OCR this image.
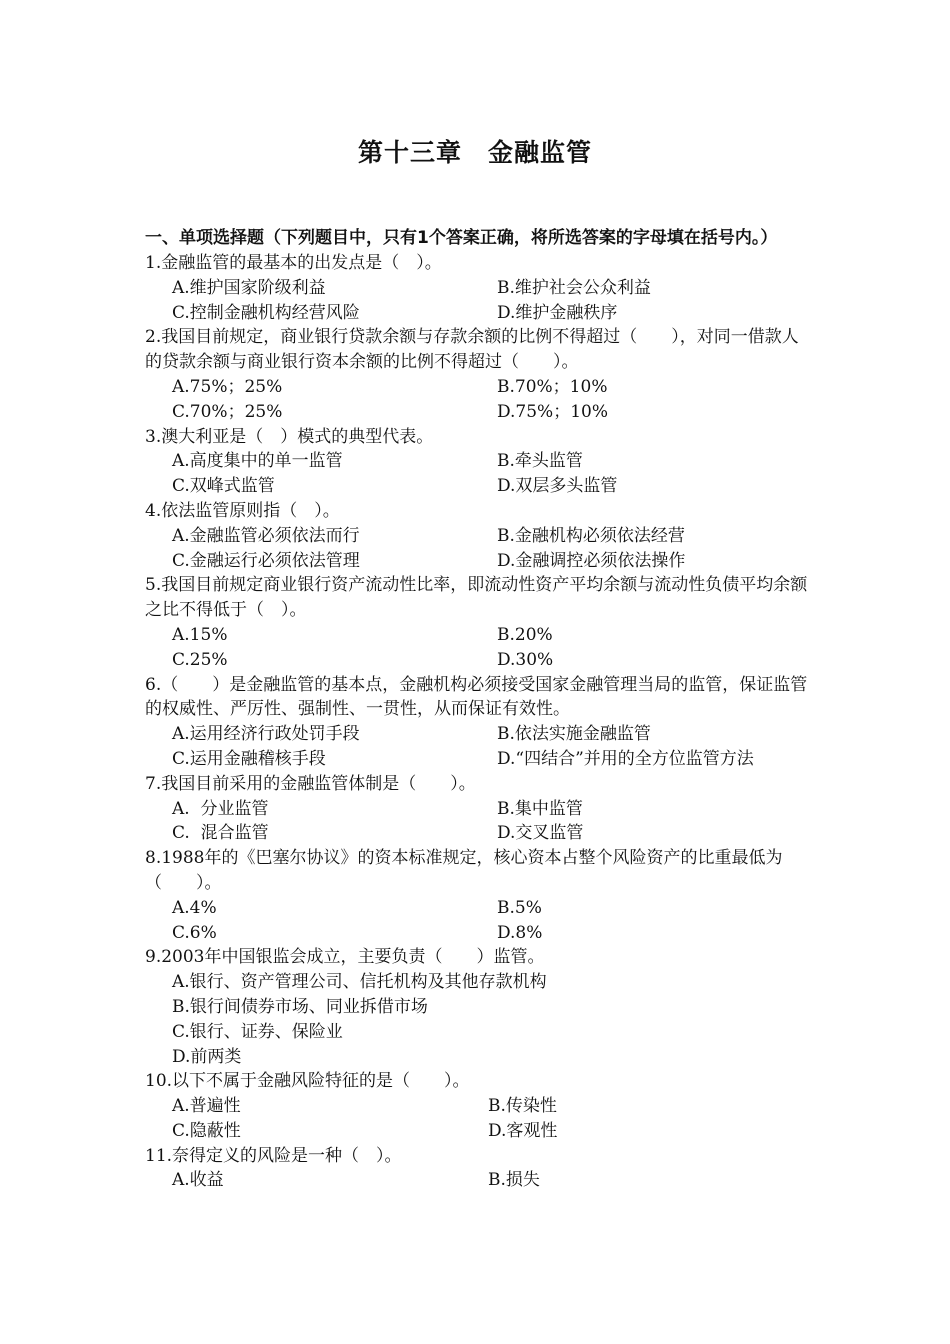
第十三章 金融监管
一、单项选择题（下列题目中，只有1个答案正确，将所选答案的字母填在括号内。）
1.金融监管的最基本的出发点是（　）。
A.维护国家阶级利益	B.维护社会公众利益
C.控制金融机构经营风险	D.维护金融秩序
2.我国目前规定，商业银行贷款余额与存款余额的比例不得超过（　　），对同一借款人的贷款余额与商业银行资本余额的比例不得超过（　　）。
A.75%；25%	B.70%；10%
C.70%；25%	D.75%；10%
3.澳大利亚是（　）模式的典型代表。
A.高度集中的单一监管	B.牵头监管
C.双峰式监管	D.双层多头监管
4.依法监管原则指（　）。
A.金融监管必须依法而行	B.金融机构必须依法经营
C.金融运行必须依法管理	D.金融调控必须依法操作
5.我国目前规定商业银行资产流动性比率，即流动性资产平均余额与流动性负债平均余额之比不得低于（　）。
A.15%	B.20%
C.25%	D.30%
6.（　　）是金融监管的基本点，金融机构必须接受国家金融管理当局的监管，保证监管的权威性、严厉性、强制性、一贯性，从而保证有效性。
A.运用经济行政处罚手段	B.依法实施金融监管
C.运用金融稽核手段	D.“四结合”并用的全方位监管方法
7.我国目前采用的金融监管体制是（　　）。
A.  分业监管	B.集中监管
C.  混合监管	D.交叉监管
8.1988年的《巴塞尔协议》的资本标准规定，核心资本占整个风险资产的比重最低为（　　）。
A.4%	B.5%
C.6%	D.8%
9.2003年中国银监会成立，主要负责（　　）监管。
A.银行、资产管理公司、信托机构及其他存款机构
B.银行间债券市场、同业拆借市场
C.银行、证券、保险业
D.前两类
10.以下不属于金融风险特征的是（　　）。
A.普遍性	B.传染性
C.隐蔽性	D.客观性
11.奈得定义的风险是一种（　）。
A.收益	B.损失
